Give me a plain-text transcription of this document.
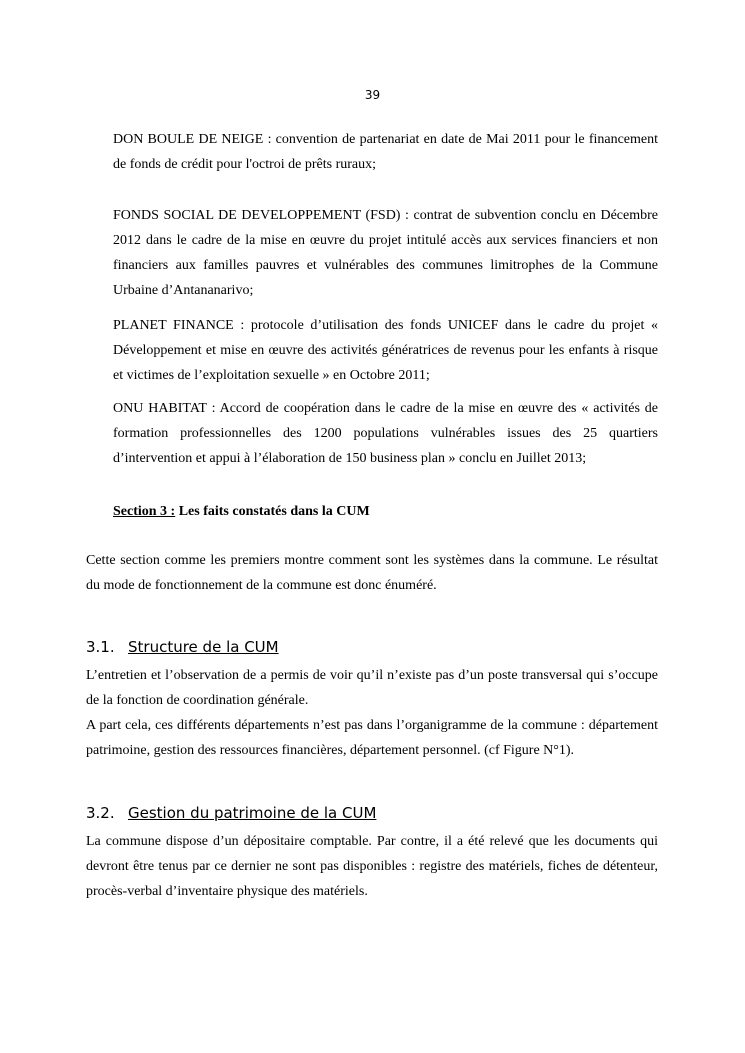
39

DON BOULE DE NEIGE : convention de partenariat en date de Mai 2011 pour le financement de fonds de crédit pour l'octroi de prêts ruraux;

FONDS SOCIAL DE DEVELOPPEMENT (FSD) : contrat de subvention conclu en Décembre 2012 dans le cadre de la mise en œuvre du projet intitulé accès aux services financiers et non financiers aux familles pauvres et vulnérables des communes limitrophes de la Commune Urbaine d’Antananarivo;

PLANET FINANCE : protocole d’utilisation des fonds UNICEF dans le cadre du projet « Développement et mise en œuvre des activités génératrices de revenus pour les enfants à risque et victimes de l’exploitation sexuelle » en Octobre 2011;

ONU HABITAT : Accord de coopération dans le cadre de la mise en œuvre des « activités de formation professionnelles des 1200 populations vulnérables issues des 25 quartiers d’intervention et appui à l’élaboration de 150 business plan » conclu en Juillet 2013;

Section 3 : Les faits constatés dans la CUM

Cette section comme les premiers montre comment sont les systèmes dans la commune. Le résultat du mode de fonctionnement de la commune est donc énuméré.

3.1. Structure de la CUM

L’entretien et l’observation de a permis de voir qu’il n’existe pas d’un poste transversal qui s’occupe de la fonction de coordination générale.

A part cela, ces différents départements n’est pas dans l’organigramme de la commune : département patrimoine, gestion des ressources financières, département personnel. (cf Figure N°1).

3.2. Gestion du patrimoine de la CUM

La commune dispose d’un dépositaire comptable. Par contre, il a été relevé que les documents qui devront être tenus par ce dernier ne sont pas disponibles : registre des matériels, fiches de détenteur, procès-verbal d’inventaire physique des matériels.
